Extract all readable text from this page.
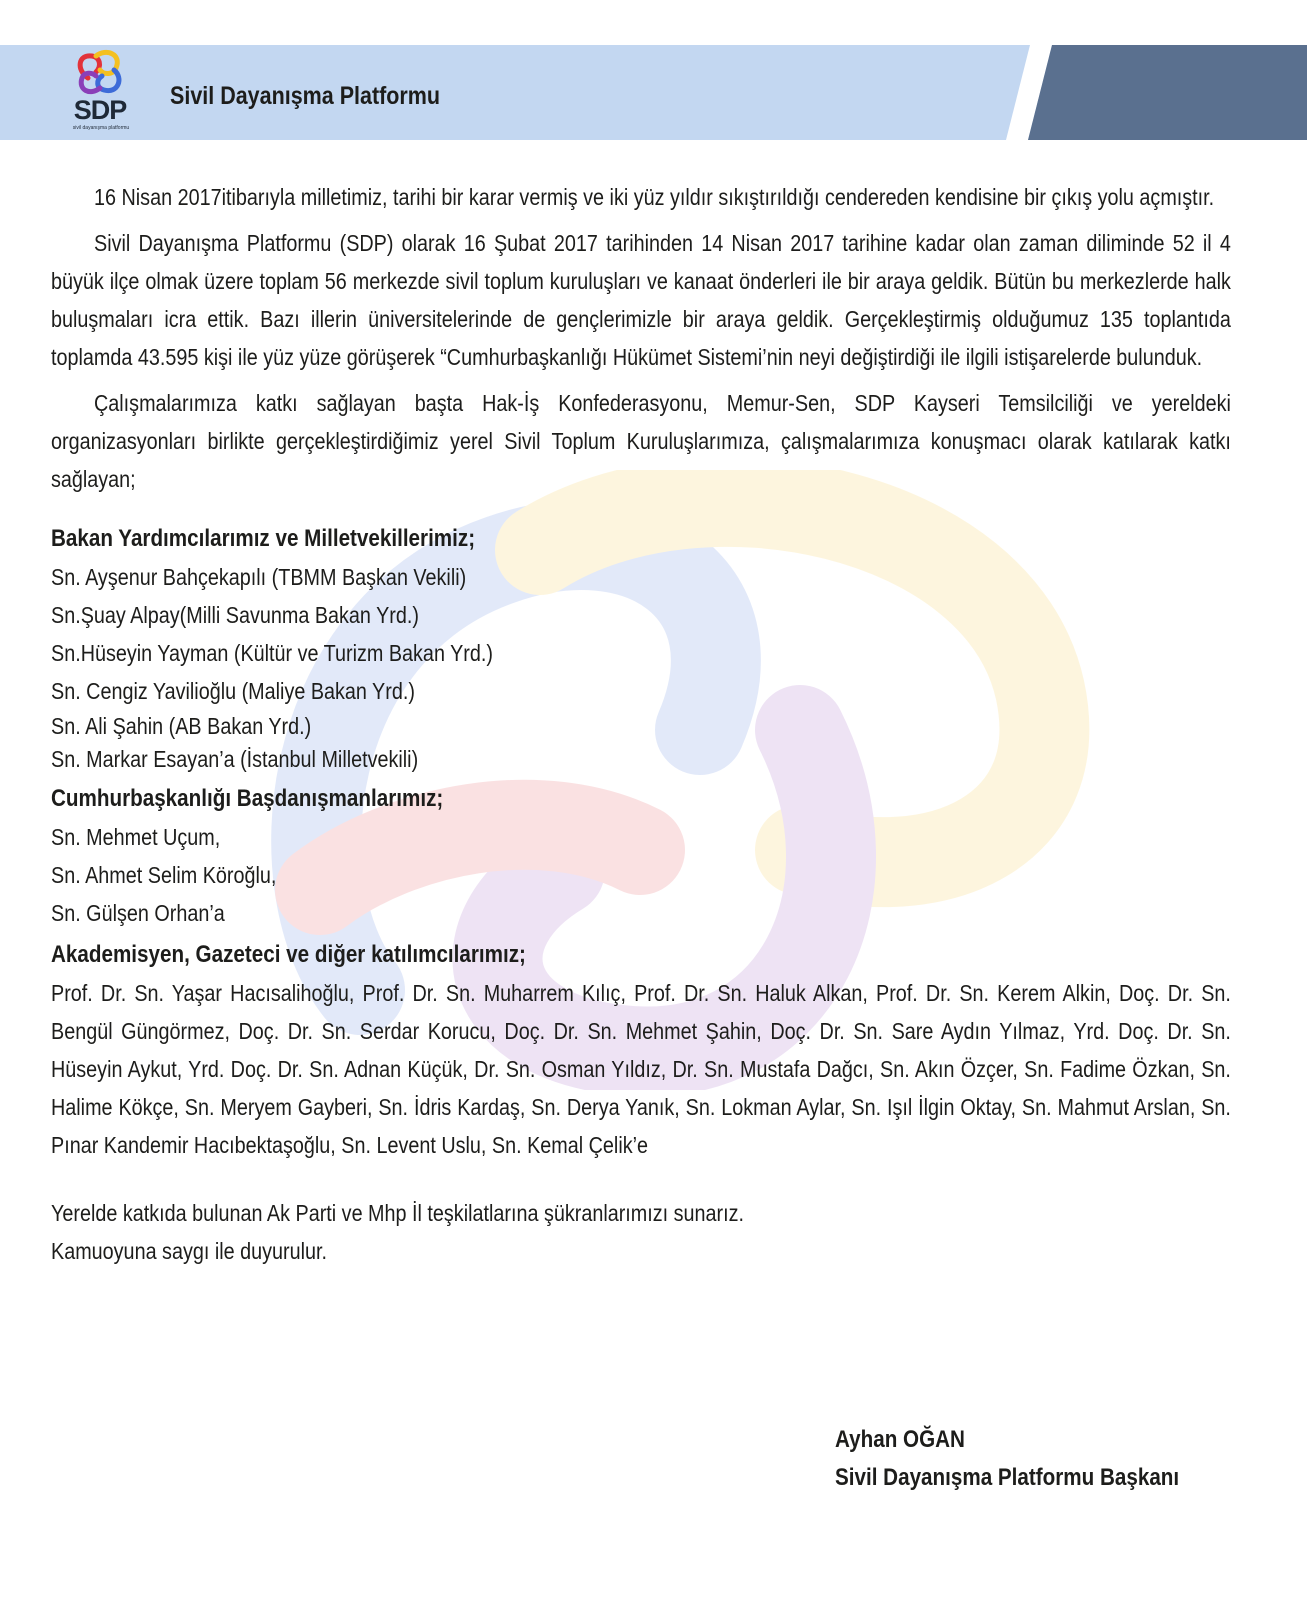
SDP
sivil dayanışma platformu
Sivil Dayanışma Platformu

16 Nisan 2017itibarıyla milletimiz, tarihi bir karar vermiş ve iki yüz yıldır sıkıştırıldığı cendereden kendisine bir çıkış yolu açmıştır.

Sivil Dayanışma Platformu (SDP) olarak 16 Şubat 2017 tarihinden 14 Nisan 2017 tarihine kadar olan zaman diliminde 52 il 4 büyük ilçe olmak üzere toplam 56 merkezde sivil toplum kuruluşları ve kanaat önderleri ile bir araya geldik. Bütün bu merkezlerde halk buluşmaları icra ettik. Bazı illerin üniversitelerinde de gençlerimizle bir araya geldik. Gerçekleştirmiş olduğumuz 135 toplantıda toplamda 43.595 kişi ile yüz yüze görüşerek “Cumhurbaşkanlığı Hükümet Sistemi’nin neyi değiştirdiği ile ilgili istişarelerde bulunduk.

Çalışmalarımıza katkı sağlayan başta Hak-İş Konfederasyonu, Memur-Sen, SDP Kayseri Temsilciliği ve yereldeki organizasyonları birlikte gerçekleştirdiğimiz yerel Sivil Toplum Kuruluşlarımıza, çalışmalarımıza konuşmacı olarak katılarak katkı sağlayan;

Bakan Yardımcılarımız ve Milletvekillerimiz;
Sn. Ayşenur Bahçekapılı (TBMM Başkan Vekili)
Sn.Şuay Alpay(Milli Savunma Bakan Yrd.)
Sn.Hüseyin Yayman (Kültür ve Turizm Bakan Yrd.)
Sn. Cengiz Yavilioğlu (Maliye Bakan Yrd.)
Sn. Ali Şahin (AB Bakan Yrd.)
Sn. Markar Esayan’a (İstanbul Milletvekili)
Cumhurbaşkanlığı Başdanışmanlarımız;
Sn. Mehmet Uçum,
Sn. Ahmet Selim Köroğlu,
Sn. Gülşen Orhan’a
Akademisyen, Gazeteci ve diğer katılımcılarımız;

Prof. Dr. Sn. Yaşar Hacısalihoğlu, Prof. Dr. Sn. Muharrem Kılıç, Prof. Dr. Sn. Haluk Alkan, Prof. Dr. Sn. Kerem Alkin, Doç. Dr. Sn. Bengül Güngörmez, Doç. Dr. Sn. Serdar Korucu, Doç. Dr. Sn. Mehmet Şahin, Doç. Dr. Sn. Sare Aydın Yılmaz, Yrd. Doç. Dr. Sn. Hüseyin Aykut, Yrd. Doç. Dr. Sn. Adnan Küçük, Dr. Sn. Osman Yıldız, Dr. Sn. Mustafa Dağcı, Sn. Akın Özçer, Sn. Fadime Özkan, Sn. Halime Kökçe, Sn. Meryem Gayberi, Sn. İdris Kardaş, Sn. Derya Yanık, Sn. Lokman Aylar, Sn. Işıl İlgin Oktay, Sn. Mahmut Arslan, Sn. Pınar Kandemir Hacıbektaşoğlu, Sn. Levent Uslu, Sn. Kemal Çelik’e

Yerelde katkıda bulunan Ak Parti ve Mhp İl teşkilatlarına şükranlarımızı sunarız.
Kamuoyuna saygı ile duyurulur.
Ayhan OĞAN
Sivil Dayanışma Platformu Başkanı
